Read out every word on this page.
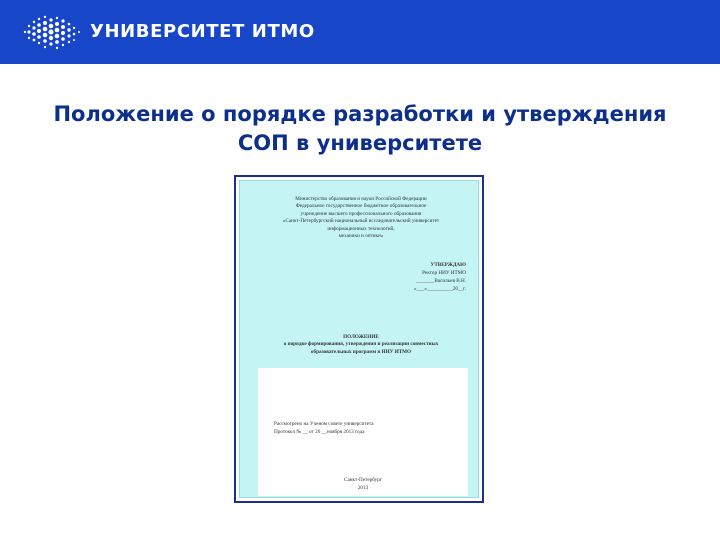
УНИВЕРСИТЕТ ИТМО
Положение о порядке разработки и утверждения
СОП в университете
Министерство образования и науки Российской Федерации
Федеральное государственное бюджетное образовательное
учреждение высшего профессионального образования
«Санкт-Петербургский национальный исследовательский университет
информационных технологий,
механики и оптики»
УТВЕРЖДАЮ
Ректор НИУ ИТМО
_______Васильев В.Н.
«___»__________20__г.
ПОЛОЖЕНИЕ
о порядке формирования, утверждения и реализации совместных
образовательных программ в НИУ ИТМО
Рассмотрено на Ученом совете университета
Протокол № __ от 26 __ноября 2013 года
Санкт-Петербург
2013
